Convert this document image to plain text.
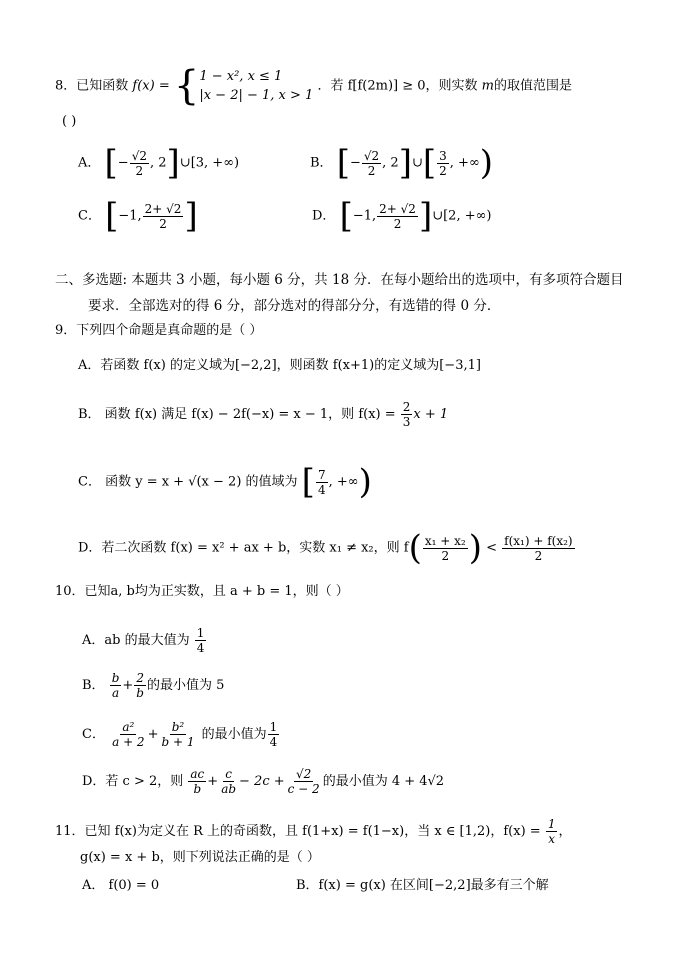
8．已知函数 f(x) = { 1 − x², x ≤ 1
|x − 2| − 1, x > 1
．若 f[f(2m)] ≥ 0，则实数 m的取值范围是
( )
A． [− $\frac{√2}{2}$ , 2]∪[3, +∞)	B． [− $\frac{√2}{2}$ , 2]∪[ $\frac{3}{2}$ , +∞)
C． [−1, $\frac{2+ √2}{2}$ ]	D． [−1, $\frac{2+ √2}{2}$ ]∪[2, +∞)
二、多选题: 本题共 3 小题，每小题 6 分，共 18 分．在每小题给出的选项中，有多项符合题目
要求．全部选对的得 6 分，部分选对的得部分分，有选错的得 0 分．
9．下列四个命题是真命题的是（ ）
A．若函数 f(x) 的定义域为[−2,2]，则函数 f(x+1)的定义域为[−3,1]
B． 函数 f(x) 满足 f(x) − 2f(−x) = x − 1，则 $f(x) = \frac{2}{3}$ x + 1
C． 函数 y = x + √(x − 2) 的值域为 [ $\frac{7}{4}$ , +∞)
D．若二次函数 f(x) = x² + ax + b，实数 x₁ ≠ x₂，则 $f( \frac{\text{x₁ + x₂}}{2}$ ) < $\frac{\text{f(x₁) + f(x₂)}}{2}$
10．已知a, b均为正实数，且 a + b = 1，则（ ）
A．ab 的最大值为 $\frac{1}{4}$
B． $\frac{b}{a} + \frac{2}{b}$ 的最小值为 5
C． $\frac{\text{a²}}{a + 2} + \frac{\text{b²}}{b + 1}$ 的最小值为 $\frac{1}{4}$
D．若 c > 2，则 $\frac{ac}{b} + \frac{c}{ab} - 2c + \frac{√2}{c - 2}$ 的最小值为 4 + 4√2
11．已知 f(x)为定义在 R 上的奇函数，且 f(1+x) = f(1−x)，当 x ∈ [1,2)，$f(x) = \frac{1}{x}$ ，
g(x) = x + b，则下列说法正确的是（ ）
A． f(0) = 0	B．f(x) = g(x) 在区间[−2,2]最多有三个解
